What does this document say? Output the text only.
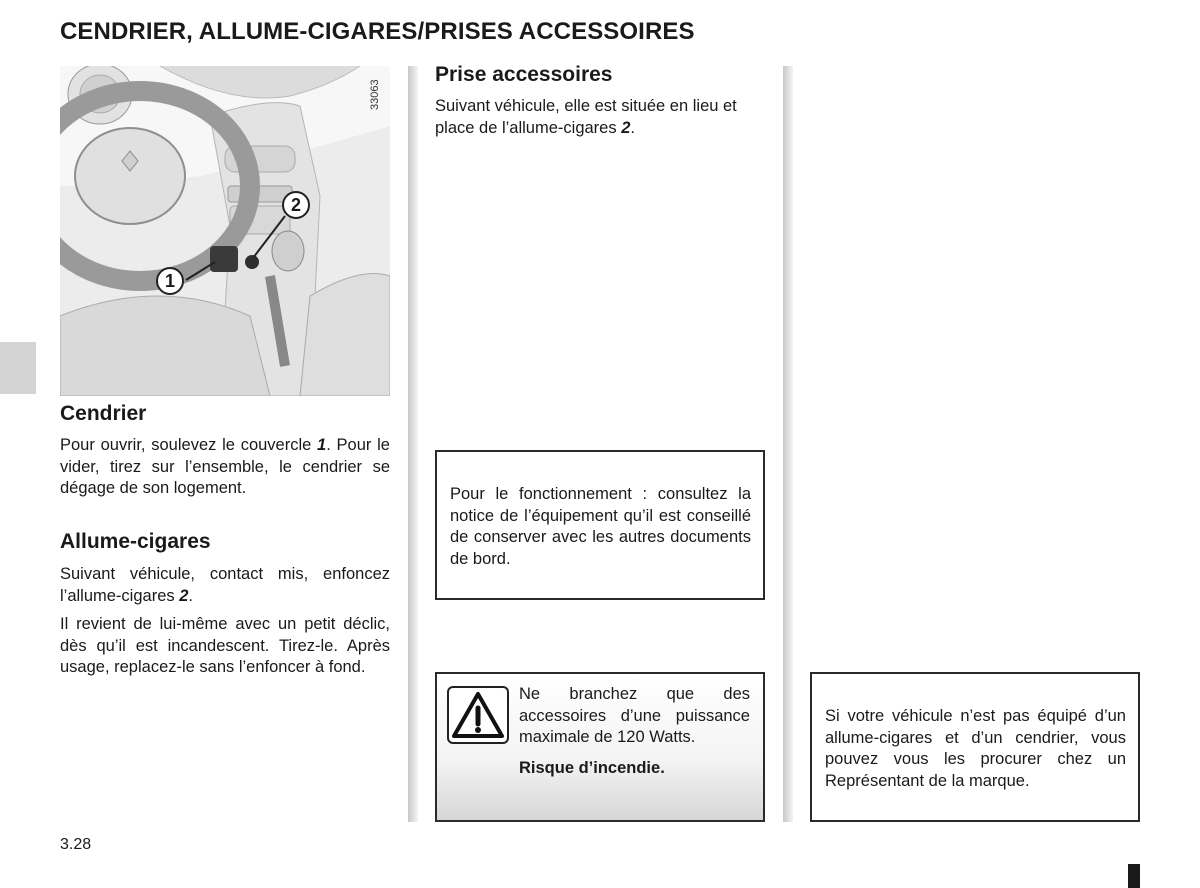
CENDRIER, ALLUME-CIGARES/PRISES ACCESSOIRES
1
2
33063
Cendrier

Pour ouvrir, soulevez le couvercle 1. Pour le vider, tirez sur l’ensemble, le cendrier se dégage de son logement.

Allume-cigares

Suivant véhicule, contact mis, enfoncez l’allume-cigares 2.

Il revient de lui-même avec un petit déclic, dès qu’il est incandescent. Tirez-le. Après usage, replacez-le sans l’enfoncer à fond.

Prise accessoires

Suivant véhicule, elle est située en lieu et place de l’allume-cigares 2.

Pour le fonctionnement : consultez la notice de l’équipement qu’il est conseillé de conserver avec les autres documents de bord.

Ne branchez que des accessoires d’une puissance maximale de 120 Watts.

Risque d’incendie.

Si votre véhicule n’est pas équipé d’un allume-cigares et d’un cendrier, vous pouvez vous les procurer chez un Représentant de la marque.

3.28
